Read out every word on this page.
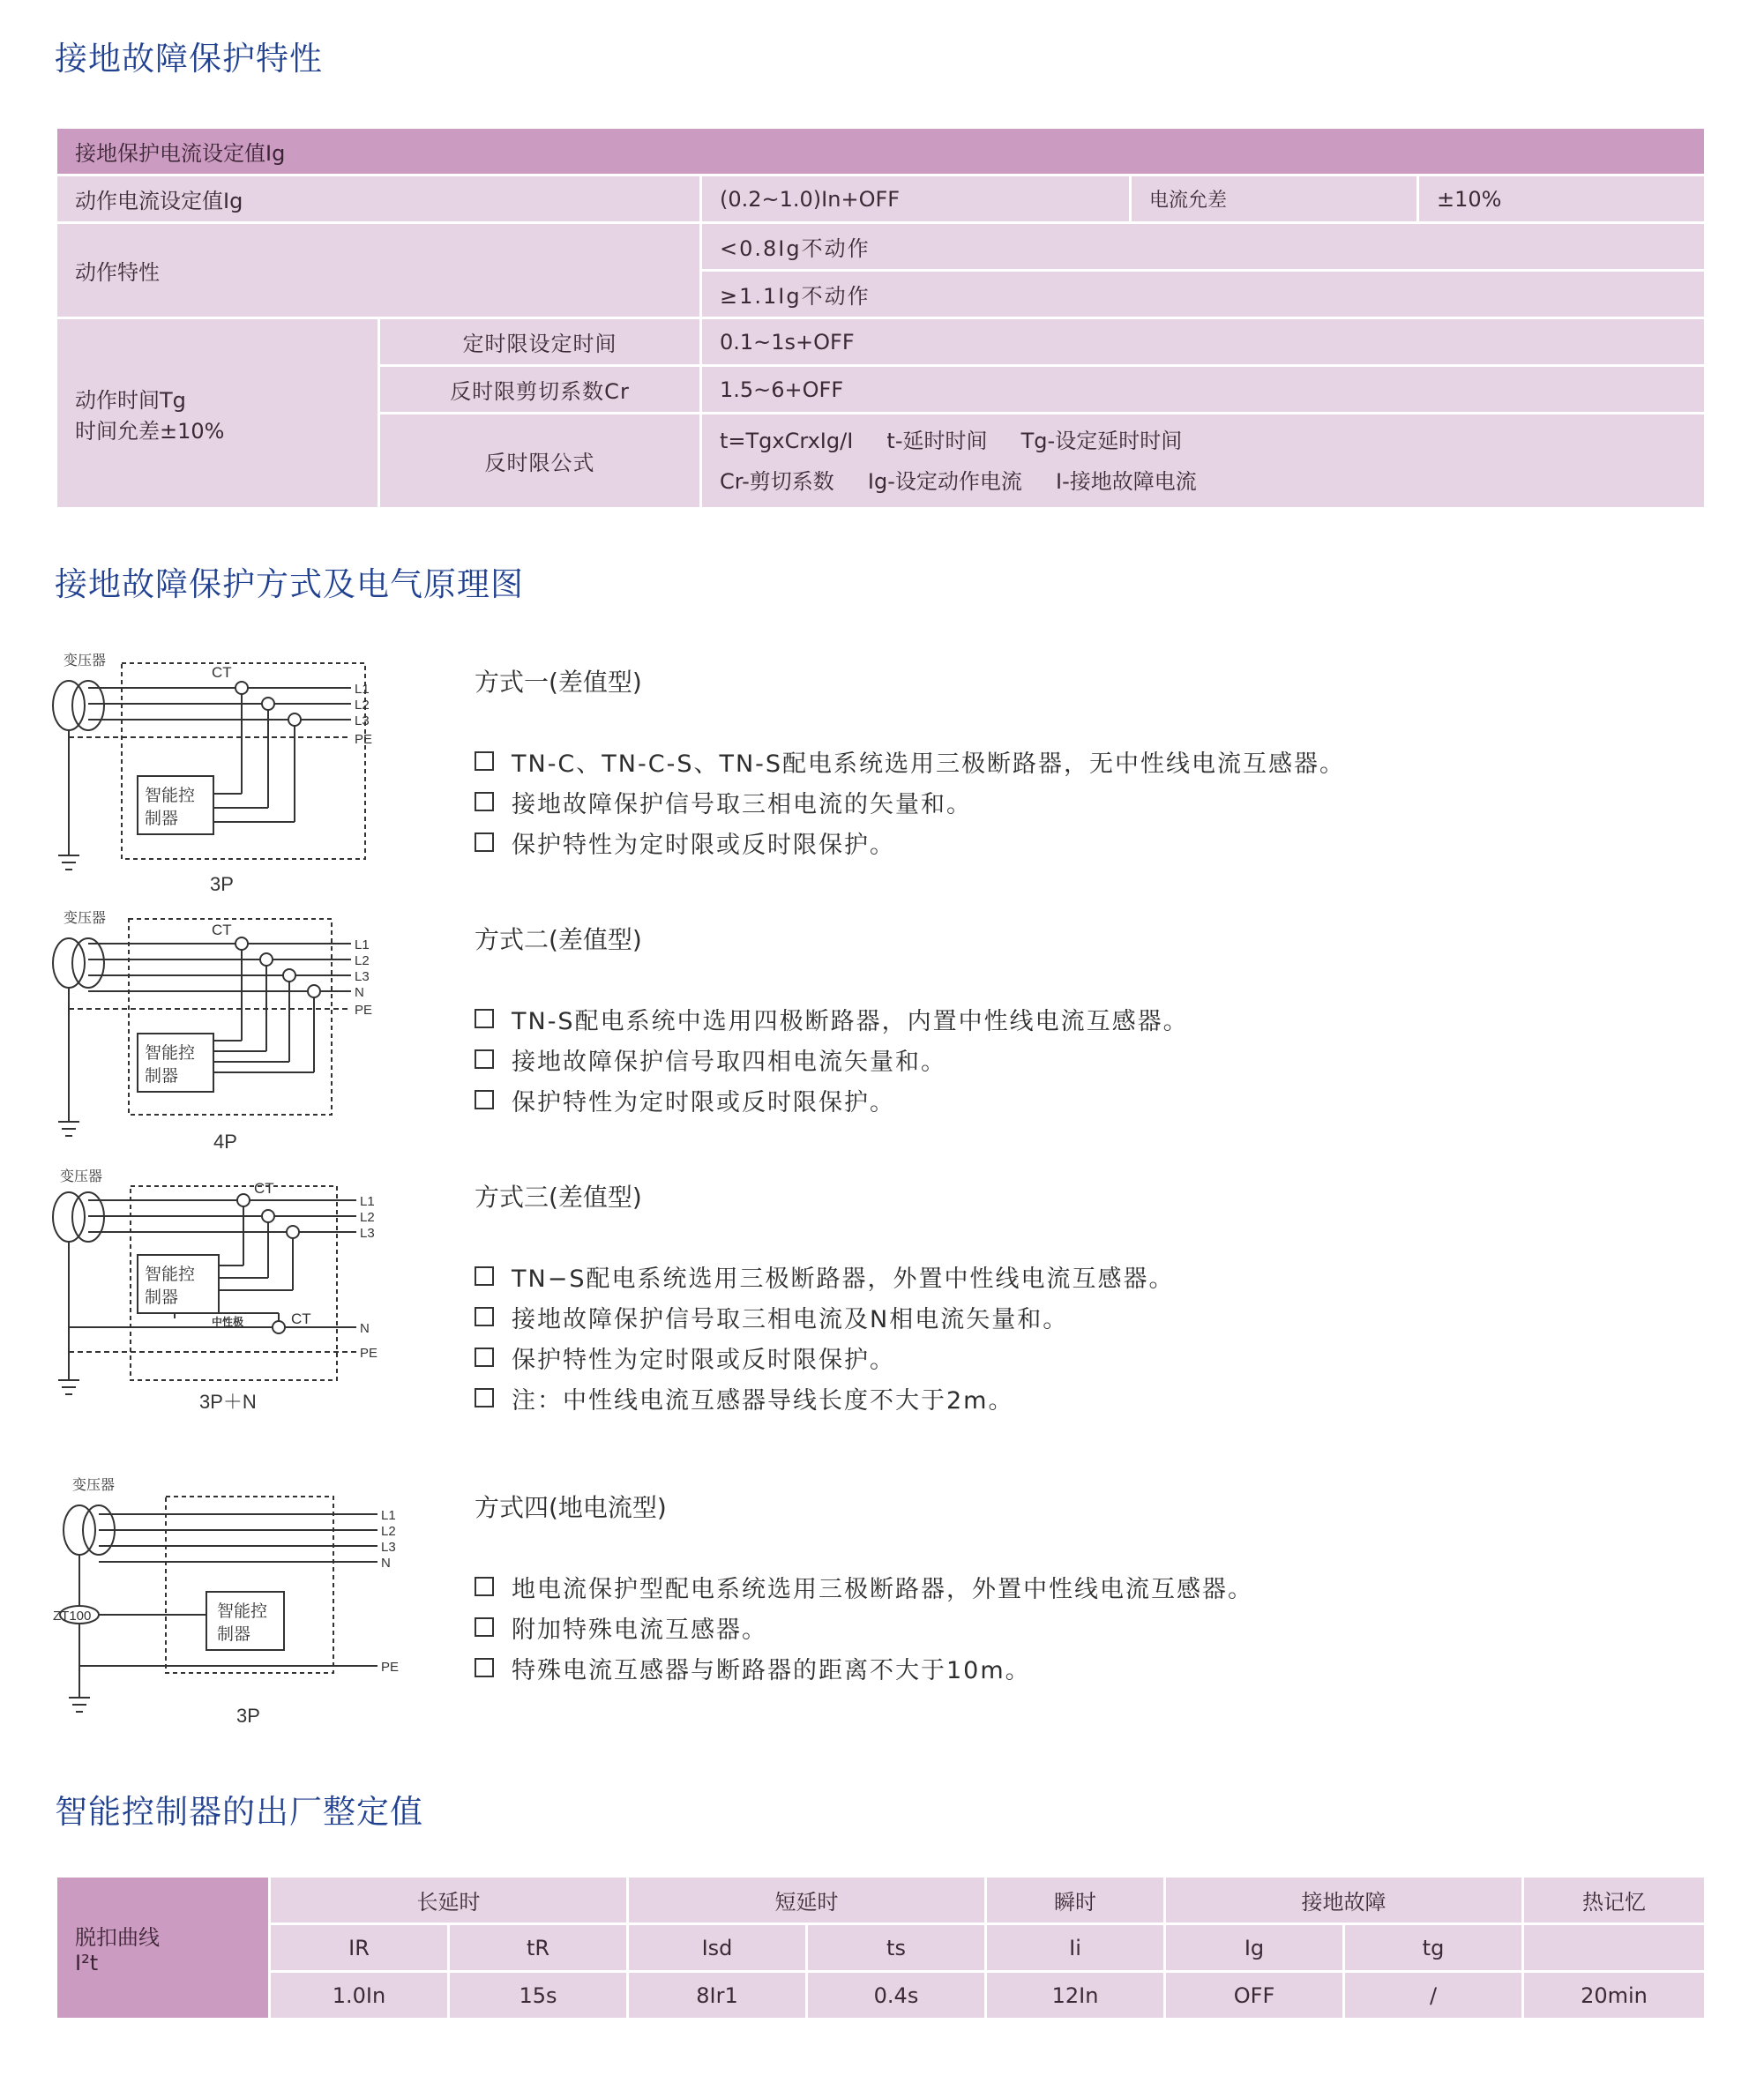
接地故障保护特性
接地保护电流设定值Ig				
动作电流设定值Ig		(0.2~1.0)In+OFF	电流允差	±10%
动作特性		<0.8Ig不动作		
		≥1.1Ig不动作		

动作时间Tg
时间允差±10%	定时限设定时间	0.1~1s+OFF		
	反时限剪切系数Cr	1.5~6+OFF		
	反时限公式	t=TgxCrxIg/I     t-延时时间     Tg-设定延时时间
Cr-剪切系数     Ig-设定动作电流     I-接地故障电流		
接地故障保护方式及电气原理图
变压器
CT
智能控
制器
L1
L2
L3
PE
3P
变压器
CT
智能控
制器
L1
L2
L3
N
PE
4P
变压器
CT
CT
中性极
智能控
制器
L1
L2
L3
N
PE
3P＋N
变压器
ZT100	智能控
制器
L1
L2
L3
N
PE
3P
方式一(差值型)
TN-C、TN-C-S、TN-S配电系统选用三极断路器，无中性线电流互感器。
接地故障保护信号取三相电流的矢量和。
保护特性为定时限或反时限保护。
方式二(差值型)
TN-S配电系统中选用四极断路器，内置中性线电流互感器。
接地故障保护信号取四相电流矢量和。
保护特性为定时限或反时限保护。
方式三(差值型)
TN−S配电系统选用三极断路器，外置中性线电流互感器。
接地故障保护信号取三相电流及N相电流矢量和。
保护特性为定时限或反时限保护。
注：中性线电流互感器导线长度不大于2m。
方式四(地电流型)
地电流保护型配电系统选用三极断路器，外置中性线电流互感器。
附加特殊电流互感器。
特殊电流互感器与断路器的距离不大于10m。
智能控制器的出厂整定值
脱扣曲线
I²t	长延时		短延时		瞬时	接地故障		热记忆
	IR	tR	Isd	ts	Ii	Ig	tg	
	1.0In	15s	8Ir1	0.4s	12In	OFF	/	20min
